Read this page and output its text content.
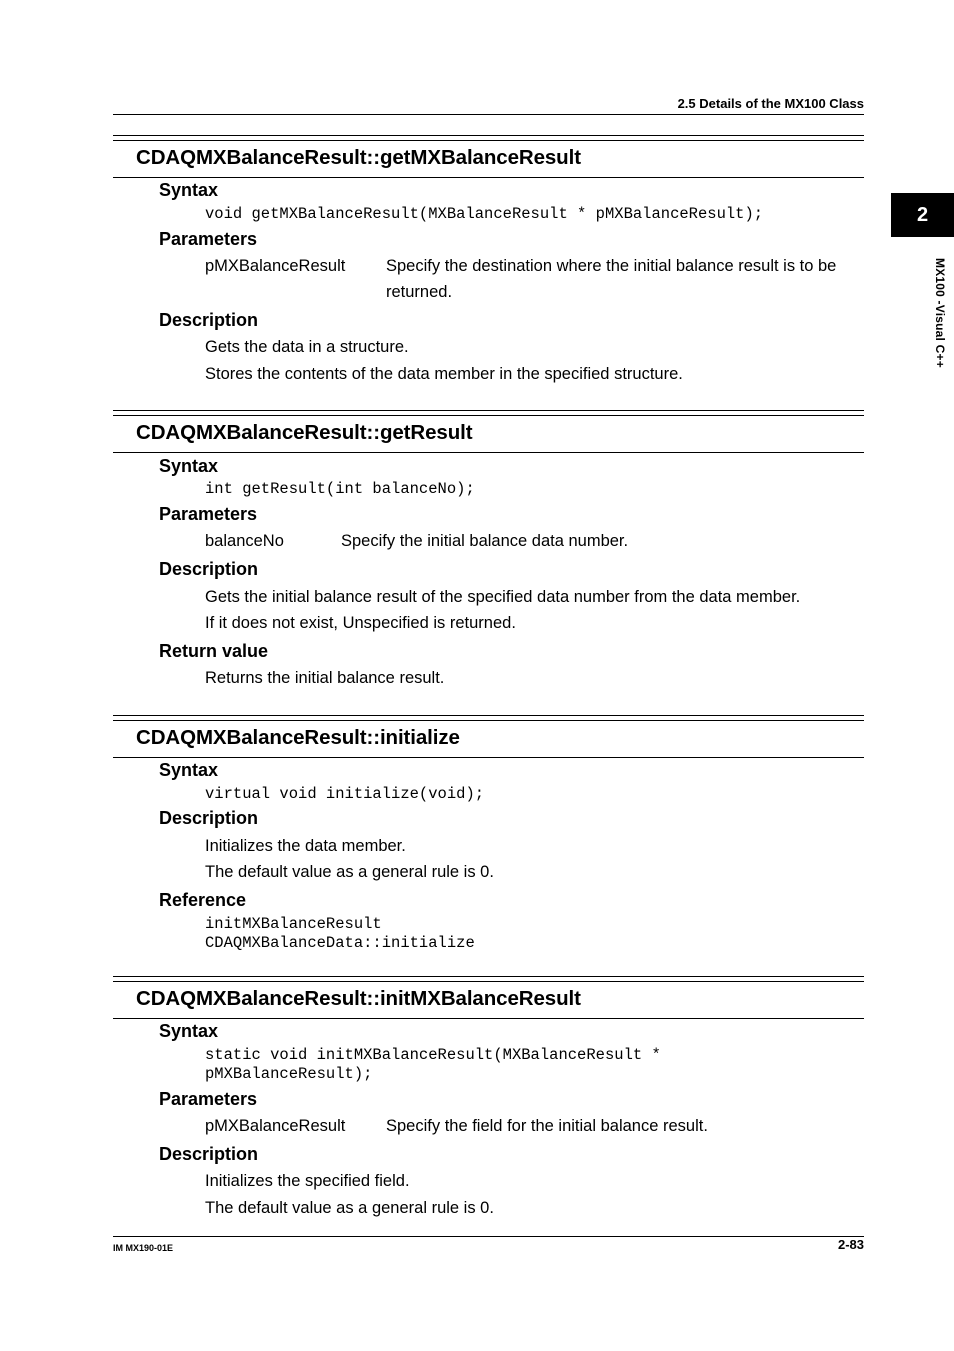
2.5 Details of the MX100 Class
2
MX100 -Visual C++
CDAQMXBalanceResult::getMXBalanceResult
Syntax
void getMXBalanceResult(MXBalanceResult * pMXBalanceResult);
Parameters
pMXBalanceResult Specify the destination where the initial balance result is to be returned.
Description
Gets the data in a structure.
Stores the contents of the data member in the specified structure.
CDAQMXBalanceResult::getResult
Syntax
int getResult(int balanceNo);
Parameters
balanceNo	Specify the initial balance data number.
Description
Gets the initial balance result of the specified data number from the data member.
If it does not exist, Unspecified is returned.
Return value
Returns the initial balance result.
CDAQMXBalanceResult::initialize
Syntax
virtual void initialize(void);
Description
Initializes the data member.
The default value as a general rule is 0.
Reference
initMXBalanceResult
CDAQMXBalanceData::initialize
CDAQMXBalanceResult::initMXBalanceResult
Syntax
static void initMXBalanceResult(MXBalanceResult *
pMXBalanceResult);
Parameters
pMXBalanceResult Specify the field for the initial balance result.
Description
Initializes the specified field.
The default value as a general rule is 0.
IM MX190-01E	2-83
